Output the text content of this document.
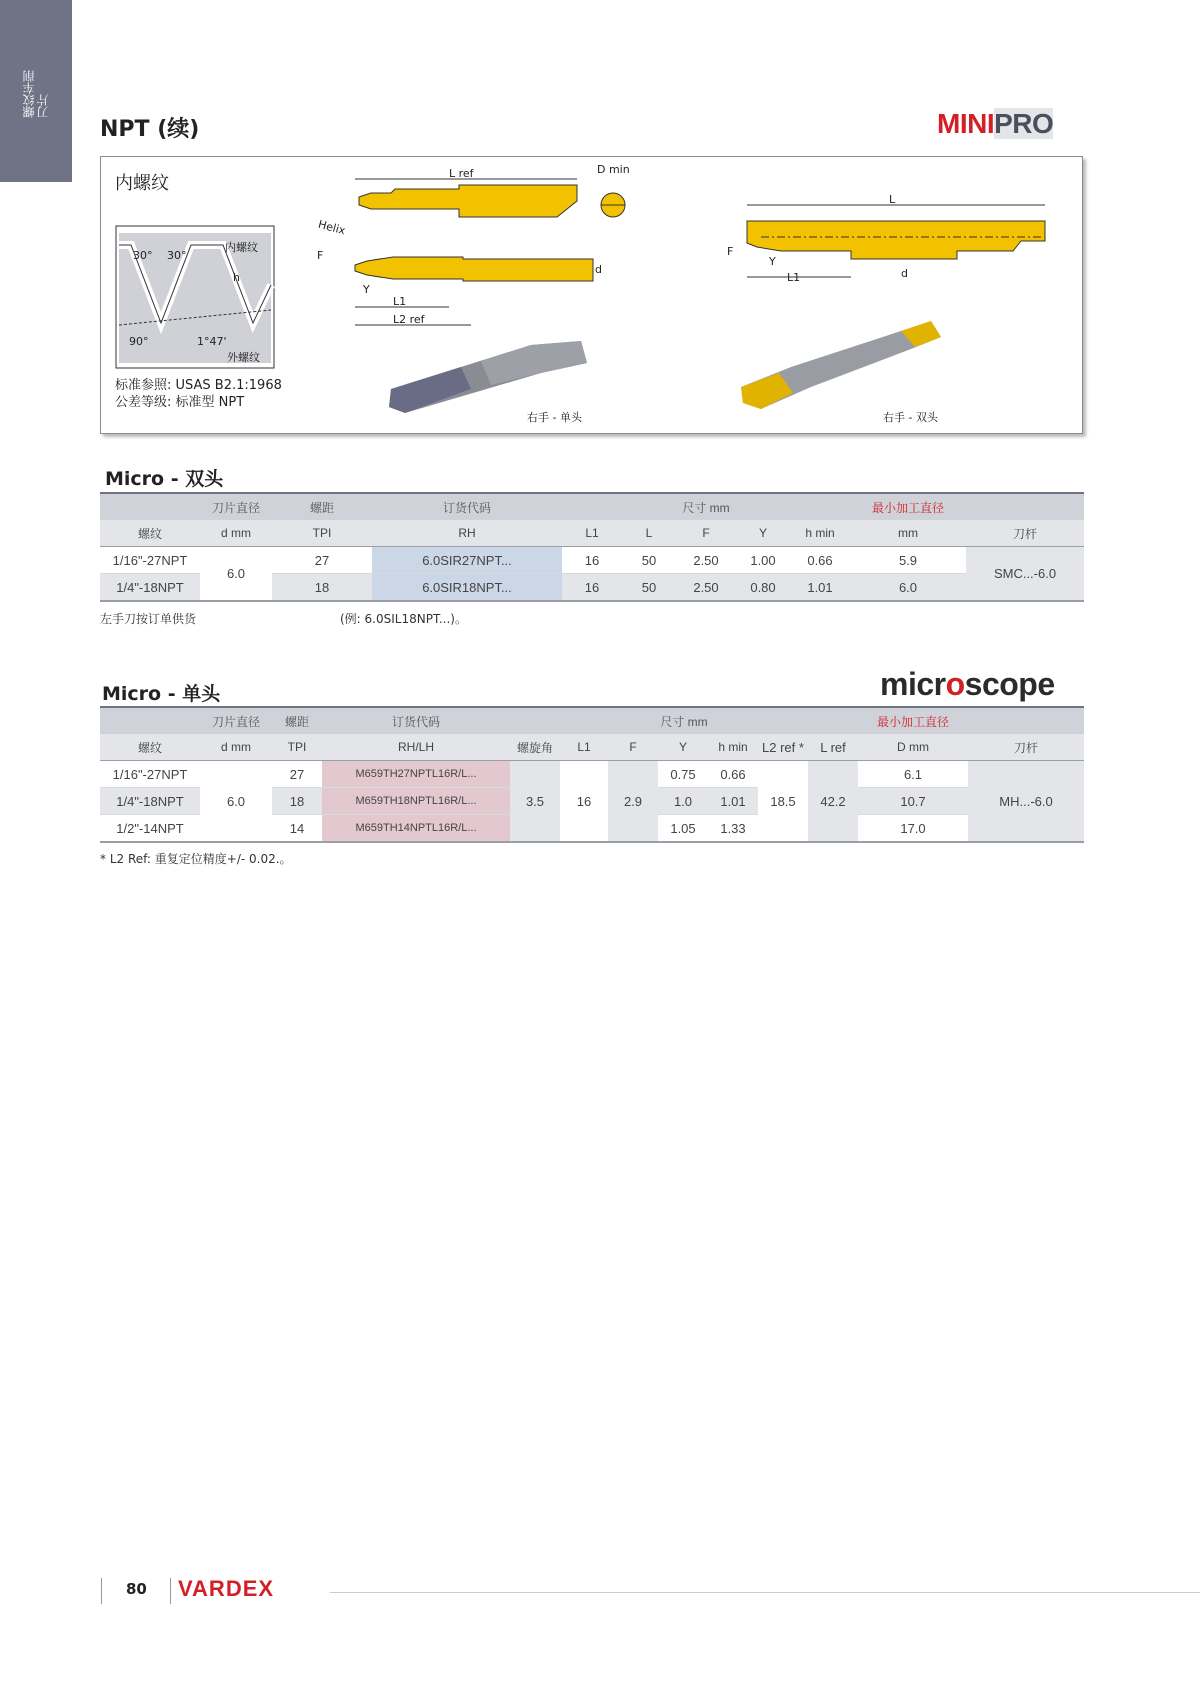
螺纹车削
刀片
NPT (续)	MINIPRO
内螺纹
30° 30°
内螺纹
h
90°	1°47'
外螺纹
标准参照: USAS B2.1:1968
公差等级: 标准型 NPT
L ref	D min
Helix
F
Y
L1
L2 ref
d
L
F
Y
L1	d
右手 - 单头	右手 - 双头
Micro - 双头
	刀片直径	螺距	订货代码	尺寸 mm					最小加工直径	
螺纹	d mm	TPI	RH	L1	L	F	Y	h min	mm	刀杆
1/16"-27NPT	6.0	27	6.0SIR27NPT...	16	50	2.50	1.00	0.66	5.9	SMC...-6.0
1/4"-18NPT		18	6.0SIR18NPT...	16	50	2.50	0.80	1.01	6.0	
左手刀按订单供货	(例: 6.0SIL18NPT...)。
Micro - 单头	microscope
	刀片直径	螺距	订货代码	尺寸 mm							最小加工直径	
螺纹	d mm	TPI	RH/LH	螺旋角	L1	F	Y	h min	L2 ref *	L ref	D mm	刀杆
1/16"-27NPT	6.0	27	M659TH27NPTL16R/L...	3.5	16	2.9	0.75	0.66	18.5	42.2	6.1	MH...-6.0
1/4"-18NPT		18	M659TH18NPTL16R/L...				1.0	1.01			10.7	
1/2"-14NPT		14	M659TH14NPTL16R/L...				1.05	1.33			17.0	
* L2 Ref: 重复定位精度+/- 0.02.。
80 VARDEX
